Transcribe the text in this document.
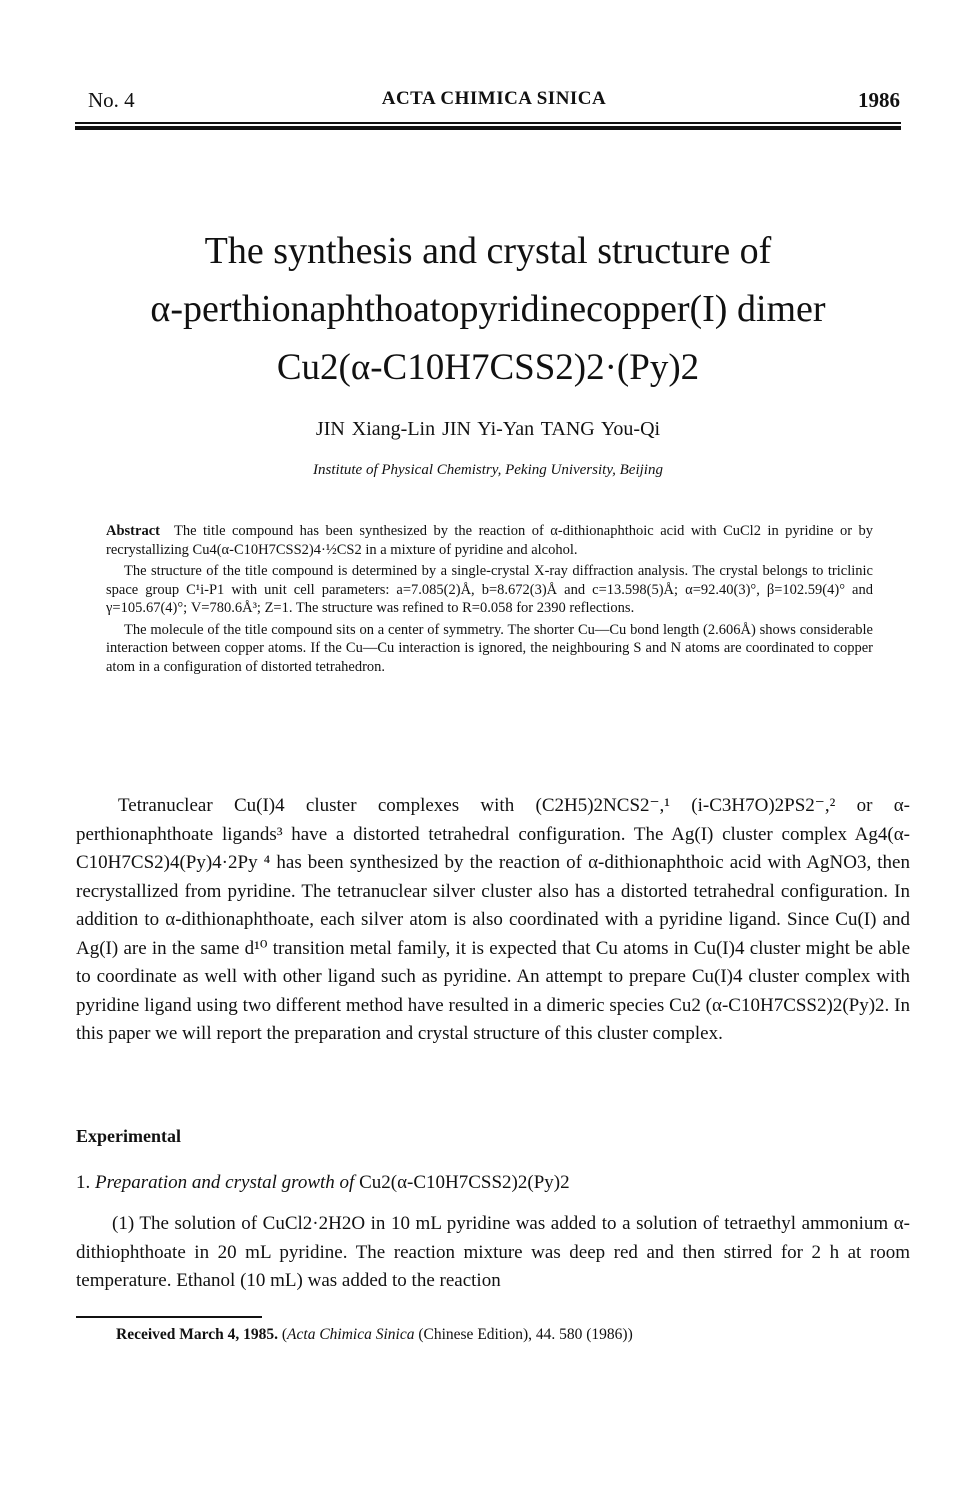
No. 4	ACTA CHIMICA SINICA	1986
The synthesis and crystal structure of
α-perthionaphthoatopyridinecopper(I) dimer
Cu2(α-C10H7CSS2)2·(Py)2
JIN Xiang-Lin JIN Yi-Yan TANG You-Qi
Institute of Physical Chemistry, Peking University, Beijing

Abstract The title compound has been synthesized by the reaction of α-dithionaphthoic acid with CuCl2 in pyridine or by recrystallizing Cu4(α-C10H7CSS2)4·½CS2 in a mixture of pyridine and alcohol.

The structure of the title compound is determined by a single-crystal X-ray diffraction analysis. The crystal belongs to triclinic space group C¹i-P1 with unit cell parameters: a=7.085(2)Å, b=8.672(3)Å and c=13.598(5)Å; α=92.40(3)°, β=102.59(4)° and γ=105.67(4)°; V=780.6Å³; Z=1. The structure was refined to R=0.058 for 2390 reflections.

The molecule of the title compound sits on a center of symmetry. The shorter Cu—Cu bond length (2.606Å) shows considerable interaction between copper atoms. If the Cu—Cu interaction is ignored, the neighbouring S and N atoms are coordinated to copper atom in a configuration of distorted tetrahedron.

Tetranuclear Cu(I)4 cluster complexes with (C2H5)2NCS2⁻,¹ (i-C3H7O)2PS2⁻,² or α-perthionaphthoate ligands³ have a distorted tetrahedral configuration. The Ag(I) cluster complex Ag4(α-C10H7CS2)4(Py)4·2Py ⁴ has been synthesized by the reaction of α-dithionaphthoic acid with AgNO3, then recrystallized from pyridine. The tetranuclear silver cluster also has a distorted tetrahedral configuration. In addition to α-dithionaphthoate, each silver atom is also coordinated with a pyridine ligand. Since Cu(I) and Ag(I) are in the same d¹⁰ transition metal family, it is expected that Cu atoms in Cu(I)4 cluster might be able to coordinate as well with other ligand such as pyridine. An attempt to prepare Cu(I)4 cluster complex with pyridine ligand using two different method have resulted in a dimeric species Cu2 (α-C10H7CSS2)2(Py)2. In this paper we will report the preparation and crystal structure of this cluster complex.

Experimental
1. Preparation and crystal growth of Cu2(α-C10H7CSS2)2(Py)2

(1) The solution of CuCl2·2H2O in 10 mL pyridine was added to a solution of tetraethyl ammonium α-dithiophthoate in 20 mL pyridine. The reaction mixture was deep red and then stirred for 2 h at room temperature. Ethanol (10 mL) was added to the reaction

Received March 4, 1985. (Acta Chimica Sinica (Chinese Edition), 44. 580 (1986))
